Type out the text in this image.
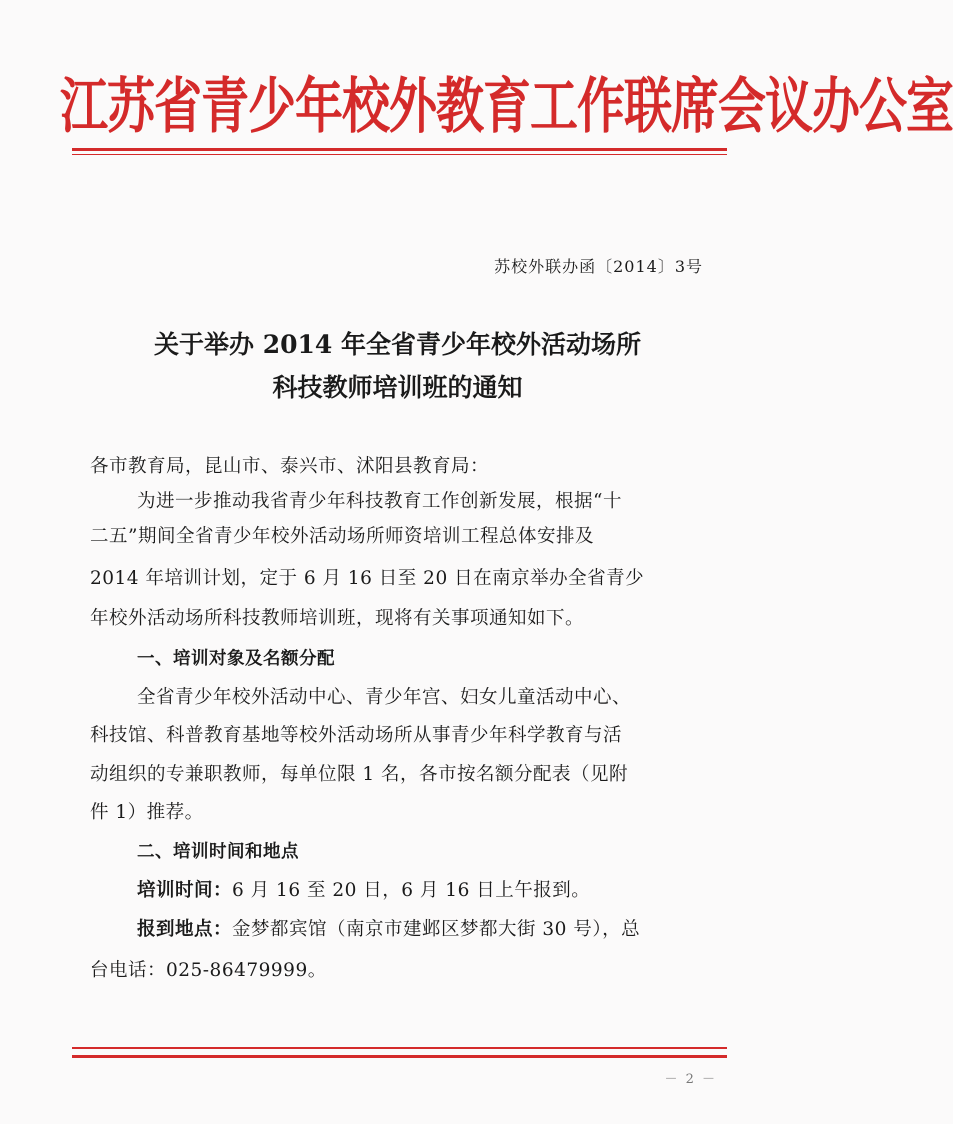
江苏省青少年校外教育工作联席会议办公室
苏校外联办函〔2014〕3号
关于举办 2014 年全省青少年校外活动场所
科技教师培训班的通知
各市教育局，昆山市、泰兴市、沭阳县教育局：
为进一步推动我省青少年科技教育工作创新发展，根据“十
二五”期间全省青少年校外活动场所师资培训工程总体安排及
2014 年培训计划，定于 6 月 16 日至 20 日在南京举办全省青少
年校外活动场所科技教师培训班，现将有关事项通知如下。
一、培训对象及名额分配
全省青少年校外活动中心、青少年宫、妇女儿童活动中心、
科技馆、科普教育基地等校外活动场所从事青少年科学教育与活
动组织的专兼职教师，每单位限 1 名，各市按名额分配表（见附
件 1）推荐。
二、培训时间和地点
培训时间：6 月 16 至 20 日，6 月 16 日上午报到。
报到地点：金梦都宾馆（南京市建邺区梦都大街 30 号），总
台电话：025-86479999。
－ 2 －
